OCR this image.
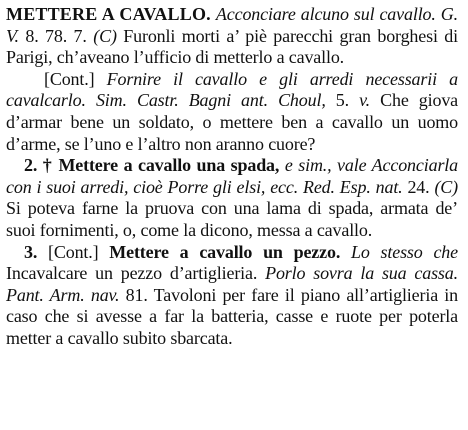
METTERE A CAVALLO. Acconciare alcuno sul cavallo. G. V. 8. 78. 7. (C) Furonli morti a’ piè parecchi gran borghesi di Parigi, ch’aveano l’ufficio di metterlo a cavallo.

[Cont.] Fornire il cavallo e gli arredi necessarii a cavalcarlo. Sim. Castr. Bagni ant. Choul, 5. v. Che giova d’armar bene un soldato, o mettere ben a cavallo un uomo d’arme, se l’uno e l’altro non aranno cuore?

2. † Mettere a cavallo una spada, e sim., vale Acconciarla con i suoi arredi, cioè Porre gli elsi, ecc. Red. Esp. nat. 24. (C) Si poteva farne la pruova con una lama di spada, armata de’ suoi fornimenti, o, come la dicono, messa a cavallo.

3. [Cont.] Mettere a cavallo un pezzo. Lo stesso che Incavalcare un pezzo d’artiglieria. Porlo sovra la sua cassa. Pant. Arm. nav. 81. Tavoloni per fare il piano all’artiglieria in caso che si avesse a far la batteria, casse e ruote per poterla metter a cavallo subito sbarcata.
